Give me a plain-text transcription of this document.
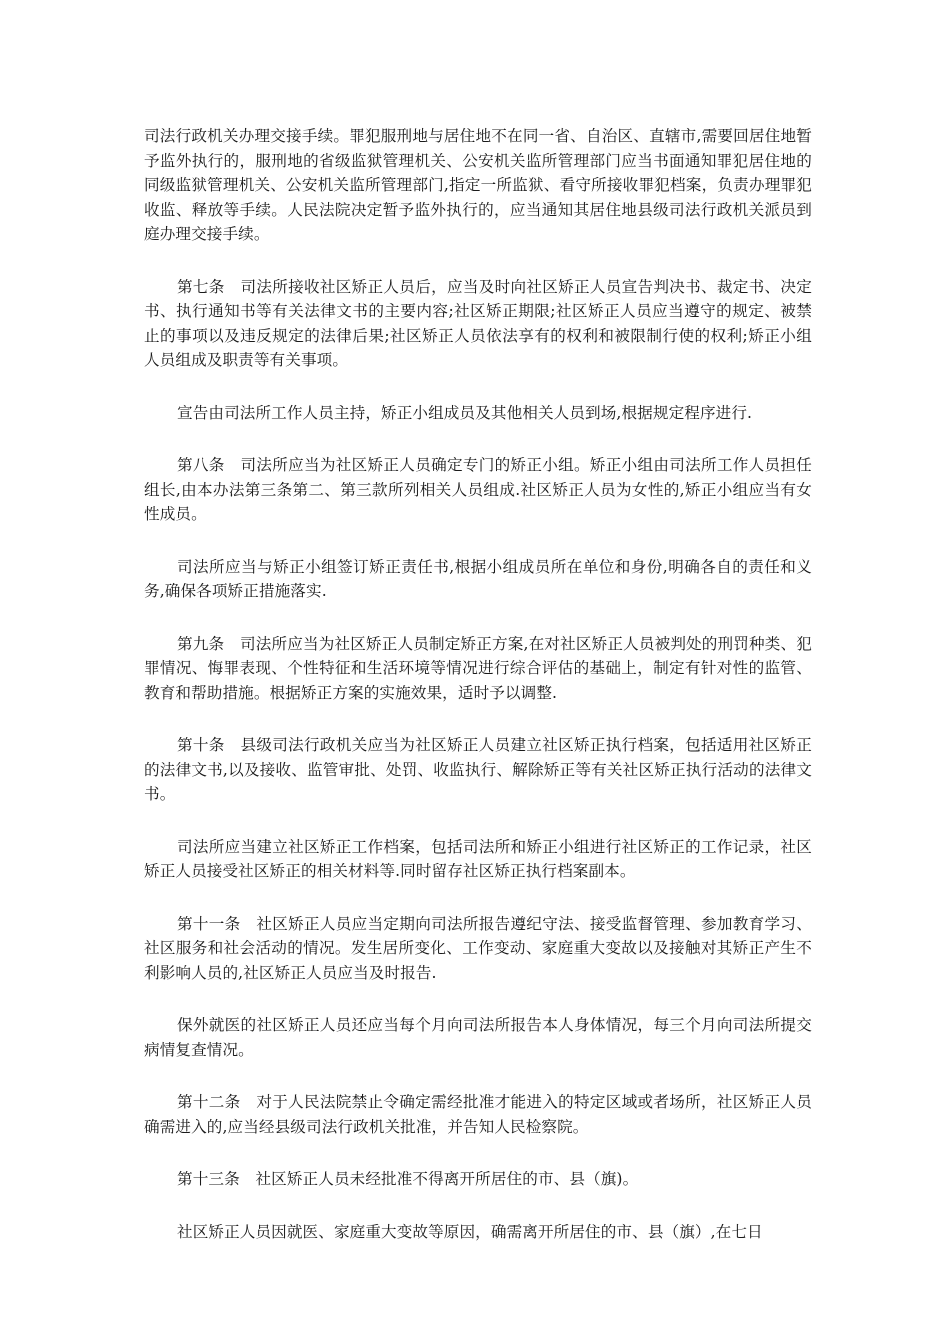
司法行政机关办理交接手续。罪犯服刑地与居住地不在同一省、自治区、直辖市,需要回居住地暂予监外执行的，服刑地的省级监狱管理机关、公安机关监所管理部门应当书面通知罪犯居住地的同级监狱管理机关、公安机关监所管理部门,指定一所监狱、看守所接收罪犯档案，负责办理罪犯收监、释放等手续。人民法院决定暂予监外执行的，应当通知其居住地县级司法行政机关派员到庭办理交接手续。

第七条　司法所接收社区矫正人员后，应当及时向社区矫正人员宣告判决书、裁定书、决定书、执行通知书等有关法律文书的主要内容;社区矫正期限;社区矫正人员应当遵守的规定、被禁止的事项以及违反规定的法律后果;社区矫正人员依法享有的权利和被限制行使的权利;矫正小组人员组成及职责等有关事项。

宣告由司法所工作人员主持，矫正小组成员及其他相关人员到场,根据规定程序进行.

第八条　司法所应当为社区矫正人员确定专门的矫正小组。矫正小组由司法所工作人员担任组长,由本办法第三条第二、第三款所列相关人员组成.社区矫正人员为女性的,矫正小组应当有女性成员。

司法所应当与矫正小组签订矫正责任书,根据小组成员所在单位和身份,明确各自的责任和义务,确保各项矫正措施落实.

第九条　司法所应当为社区矫正人员制定矫正方案,在对社区矫正人员被判处的刑罚种类、犯罪情况、悔罪表现、个性特征和生活环境等情况进行综合评估的基础上，制定有针对性的监管、教育和帮助措施。根据矫正方案的实施效果，适时予以调整.

第十条　县级司法行政机关应当为社区矫正人员建立社区矫正执行档案，包括适用社区矫正的法律文书,以及接收、监管审批、处罚、收监执行、解除矫正等有关社区矫正执行活动的法律文书。

司法所应当建立社区矫正工作档案，包括司法所和矫正小组进行社区矫正的工作记录，社区矫正人员接受社区矫正的相关材料等.同时留存社区矫正执行档案副本。

第十一条　社区矫正人员应当定期向司法所报告遵纪守法、接受监督管理、参加教育学习、社区服务和社会活动的情况。发生居所变化、工作变动、家庭重大变故以及接触对其矫正产生不利影响人员的,社区矫正人员应当及时报告.

保外就医的社区矫正人员还应当每个月向司法所报告本人身体情况，每三个月向司法所提交病情复查情况。

第十二条　对于人民法院禁止令确定需经批准才能进入的特定区域或者场所，社区矫正人员确需进入的,应当经县级司法行政机关批准，并告知人民检察院。

第十三条　社区矫正人员未经批准不得离开所居住的市、县（旗)。

社区矫正人员因就医、家庭重大变故等原因，确需离开所居住的市、县（旗）,在七日
